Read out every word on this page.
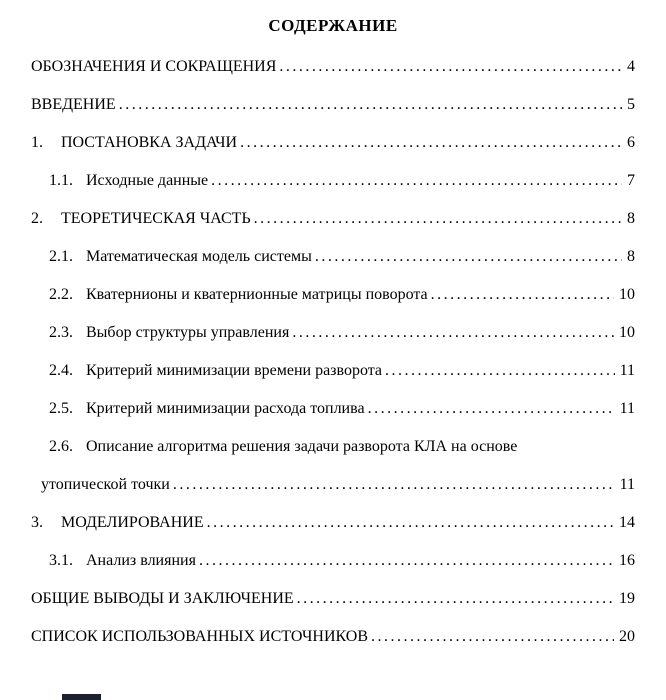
СОДЕРЖАНИЕ
ОБОЗНАЧЕНИЯ И СОКРАЩЕНИЯ .....	4
ВВЕДЕНИЕ .....	5
1.	ПОСТАНОВКА ЗАДАЧИ .....	6
1.1. Исходные данные .....	7
2.	ТЕОРЕТИЧЕСКАЯ ЧАСТЬ .....	8
2.1. Математическая модель системы .....	8
2.2. Кватернионы и кватернионные матрицы поворота .....	10
2.3. Выбор структуры управления .....	10
2.4. Критерий минимизации времени разворота .....	11
2.5. Критерий минимизации расхода топлива .....	11
2.6. Описание алгоритма решения задачи разворота КЛА на основе
утопической точки .....	11
3.	МОДЕЛИРОВАНИЕ .....	14
3.1. Анализ влияния .....	16
ОБЩИЕ ВЫВОДЫ И ЗАКЛЮЧЕНИЕ .....	19
СПИСОК ИСПОЛЬЗОВАННЫХ ИСТОЧНИКОВ .....	20
